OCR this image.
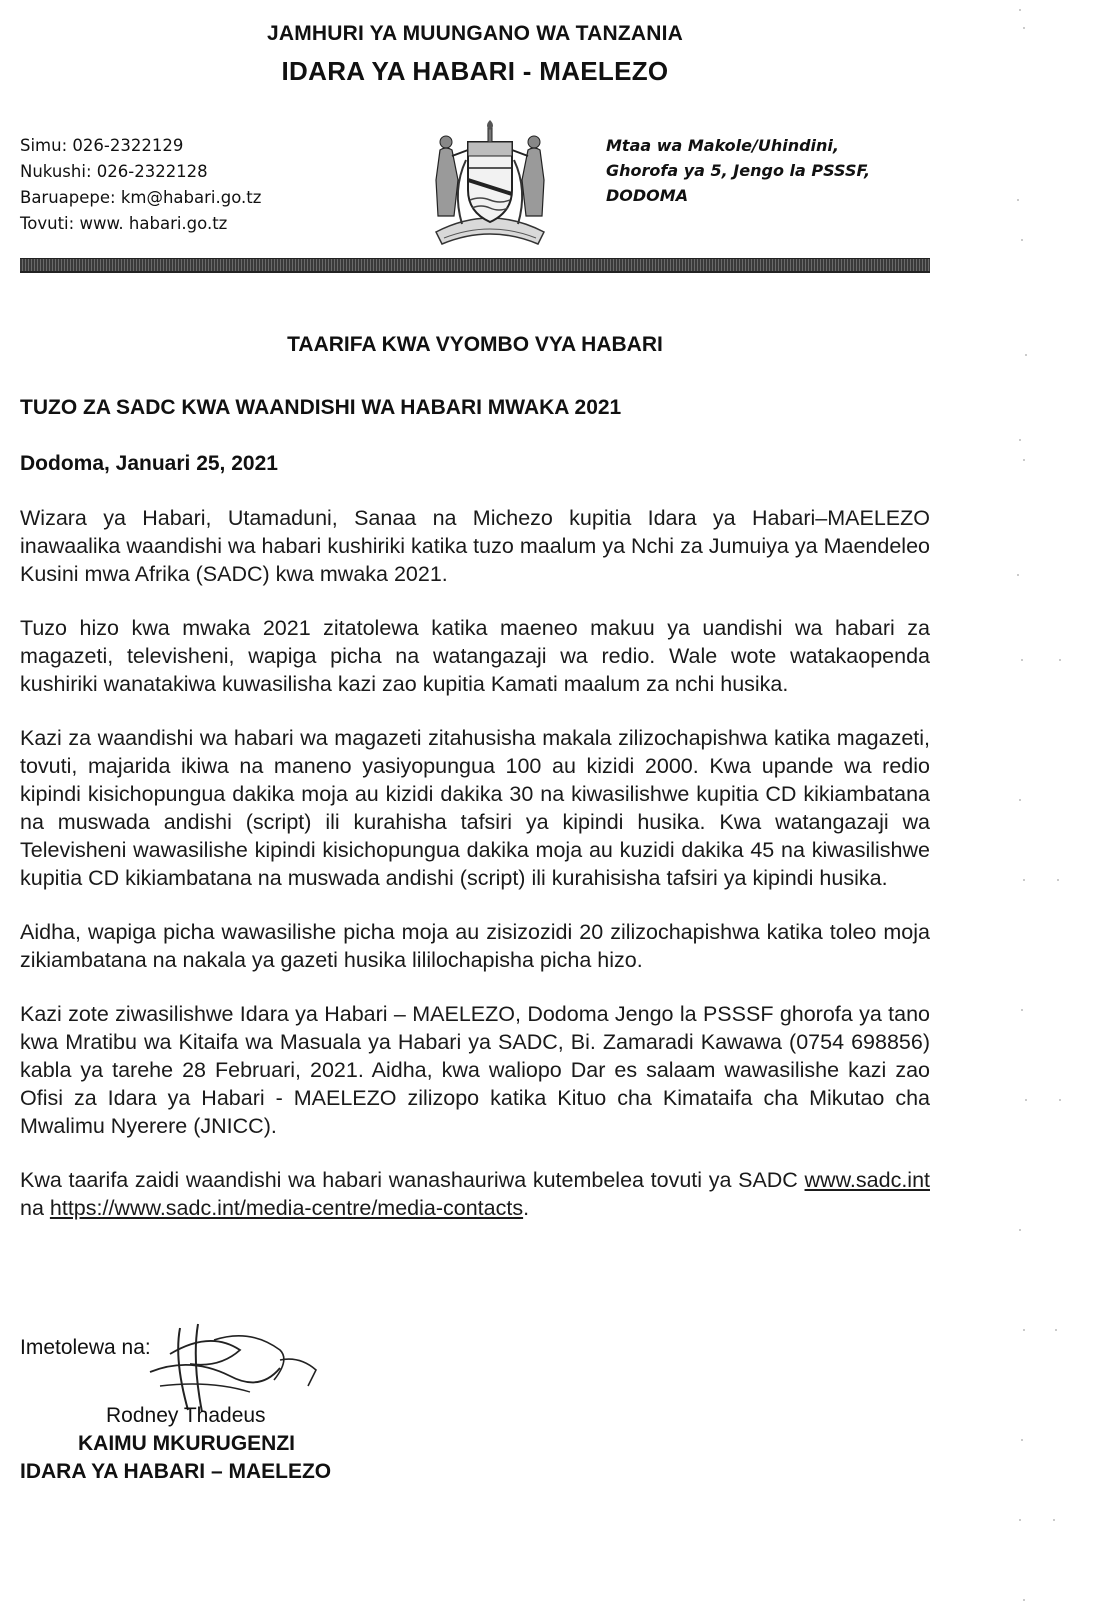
JAMHURI YA MUUNGANO WA TANZANIA
IDARA YA HABARI - MAELEZO
Simu: 026-2322129
Nukushi: 026-2322128
Baruapepe: km@habari.go.tz
Tovuti: www. habari.go.tz
Mtaa wa Makole/Uhindini,
Ghorofa ya 5, Jengo la PSSSF,
DODOMA
TAARIFA KWA VYOMBO VYA HABARI
TUZO ZA SADC KWA WAANDISHI WA HABARI MWAKA 2021
Dodoma, Januari 25, 2021

Wizara ya Habari, Utamaduni, Sanaa na Michezo kupitia Idara ya Habari–MAELEZO inawaalika waandishi wa habari kushiriki katika tuzo maalum ya Nchi za Jumuiya ya Maendeleo Kusini mwa Afrika (SADC) kwa mwaka 2021.

Tuzo hizo kwa mwaka 2021 zitatolewa katika maeneo makuu ya uandishi wa habari za magazeti, televisheni, wapiga picha na watangazaji wa redio. Wale wote watakaopenda kushiriki wanatakiwa kuwasilisha kazi zao kupitia Kamati maalum za nchi husika.

Kazi za waandishi wa habari wa magazeti zitahusisha makala zilizochapishwa katika magazeti, tovuti, majarida ikiwa na maneno yasiyopungua 100 au kizidi 2000. Kwa upande wa redio kipindi kisichopungua dakika moja au kizidi dakika 30 na kiwasilishwe kupitia CD kikiambatana na muswada andishi (script) ili kurahisha tafsiri ya kipindi husika. Kwa watangazaji wa Televisheni wawasilishe kipindi kisichopungua dakika moja au kuzidi dakika 45 na kiwasilishwe kupitia CD kikiambatana na muswada andishi (script) ili kurahisisha tafsiri ya kipindi husika.

Aidha, wapiga picha wawasilishe picha moja au zisizozidi 20 zilizochapishwa katika toleo moja zikiambatana na nakala ya gazeti husika lililochapisha picha hizo.

Kazi zote ziwasilishwe Idara ya Habari – MAELEZO, Dodoma Jengo la PSSSF ghorofa ya tano kwa Mratibu wa Kitaifa wa Masuala ya Habari ya SADC, Bi. Zamaradi Kawawa (0754 698856) kabla ya tarehe 28 Februari, 2021. Aidha, kwa waliopo Dar es salaam wawasilishe kazi zao Ofisi za Idara ya Habari - MAELEZO zilizopo katika Kituo cha Kimataifa cha Mikutao cha Mwalimu Nyerere (JNICC).

Kwa taarifa zaidi waandishi wa habari wanashauriwa kutembelea tovuti ya SADC www.sadc.int na https://www.sadc.int/media-centre/media-contacts.

Imetolewa na:
Rodney Thadeus
KAIMU MKURUGENZI
IDARA YA HABARI – MAELEZO
